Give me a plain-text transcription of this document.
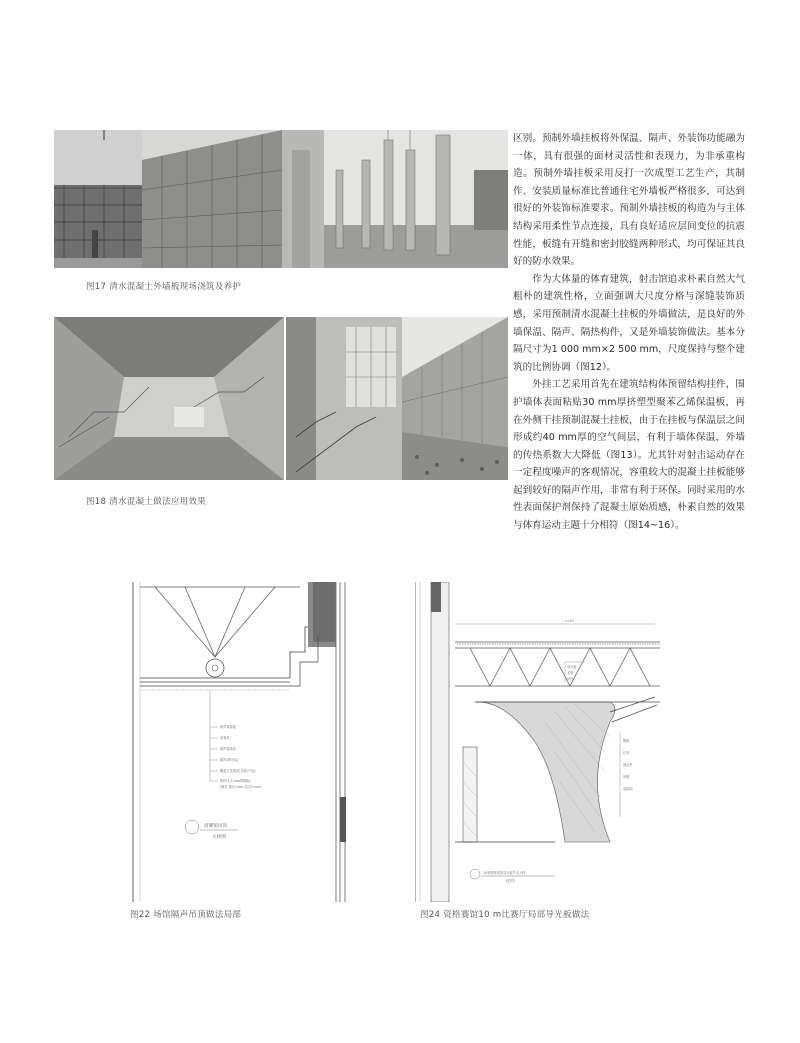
图17 清水混凝土外墙板现场浇筑及养护
图18 清水混凝土做法应用效果

区别。预制外墙挂板将外保温、隔声、外装饰功能融为一体，具有很强的面材灵活性和表现力，为非承重构造。预制外墙挂板采用反打一次成型工艺生产，其制作、安装质量标准比普通住宅外墙板严格很多，可达到很好的外装饰标准要求。预制外墙挂板的构造为与主体结构采用柔性节点连接，具有良好适应层间变位的抗震性能，板缝有开缝和密封胶缝两种形式，均可保证其良好的防水效果。

作为大体量的体育建筑，射击馆追求朴素自然大气粗朴的建筑性格，立面强调大尺度分格与深缝装饰质感，采用预制清水混凝土挂板的外墙做法，是良好的外墙保温、隔声、隔热构件，又是外墙装饰做法。基本分隔尺寸为1 000 mm×2 500 mm，尺度保持与整个建筑的比例协调（图12）。

外挂工艺采用首先在建筑结构体预留结构挂件，围护墙体表面粘贴30 mm厚挤塑型聚苯乙烯保温板，再在外侧干挂预制混凝土挂板，由于在挂板与保温层之间形成约40 mm厚的空气间层，有利于墙体保温，外墙的传热系数大大降低（图13）。尤其针对射击运动存在一定程度噪声的客观情况，容重较大的混凝土挂板能够起到较好的隔声作用，非常有利于环保。同时采用的水性表面保护剂保持了混凝土原始质感，朴素自然的效果与体育运动主题十分相符（图14~16）。

吸声装饰板
龙骨吊
吸声装饰层
隔声(吸声)层
覆盖主龙骨/次龙骨(产品)
防护(1.5 mm厚钢板)
(吸声,厚15 mm,孔径3 mm)
清赛馆吊顶
大样图
图22 场馆隔声吊顶做法局部
L=10
导光板
龙骨
吊杆
钢梁
灯具
固定件
吊筋
装饰面
10米资格赛馆导光板节点大样
大样图
图24 资格赛馆10 m比赛厅局部导光板做法
